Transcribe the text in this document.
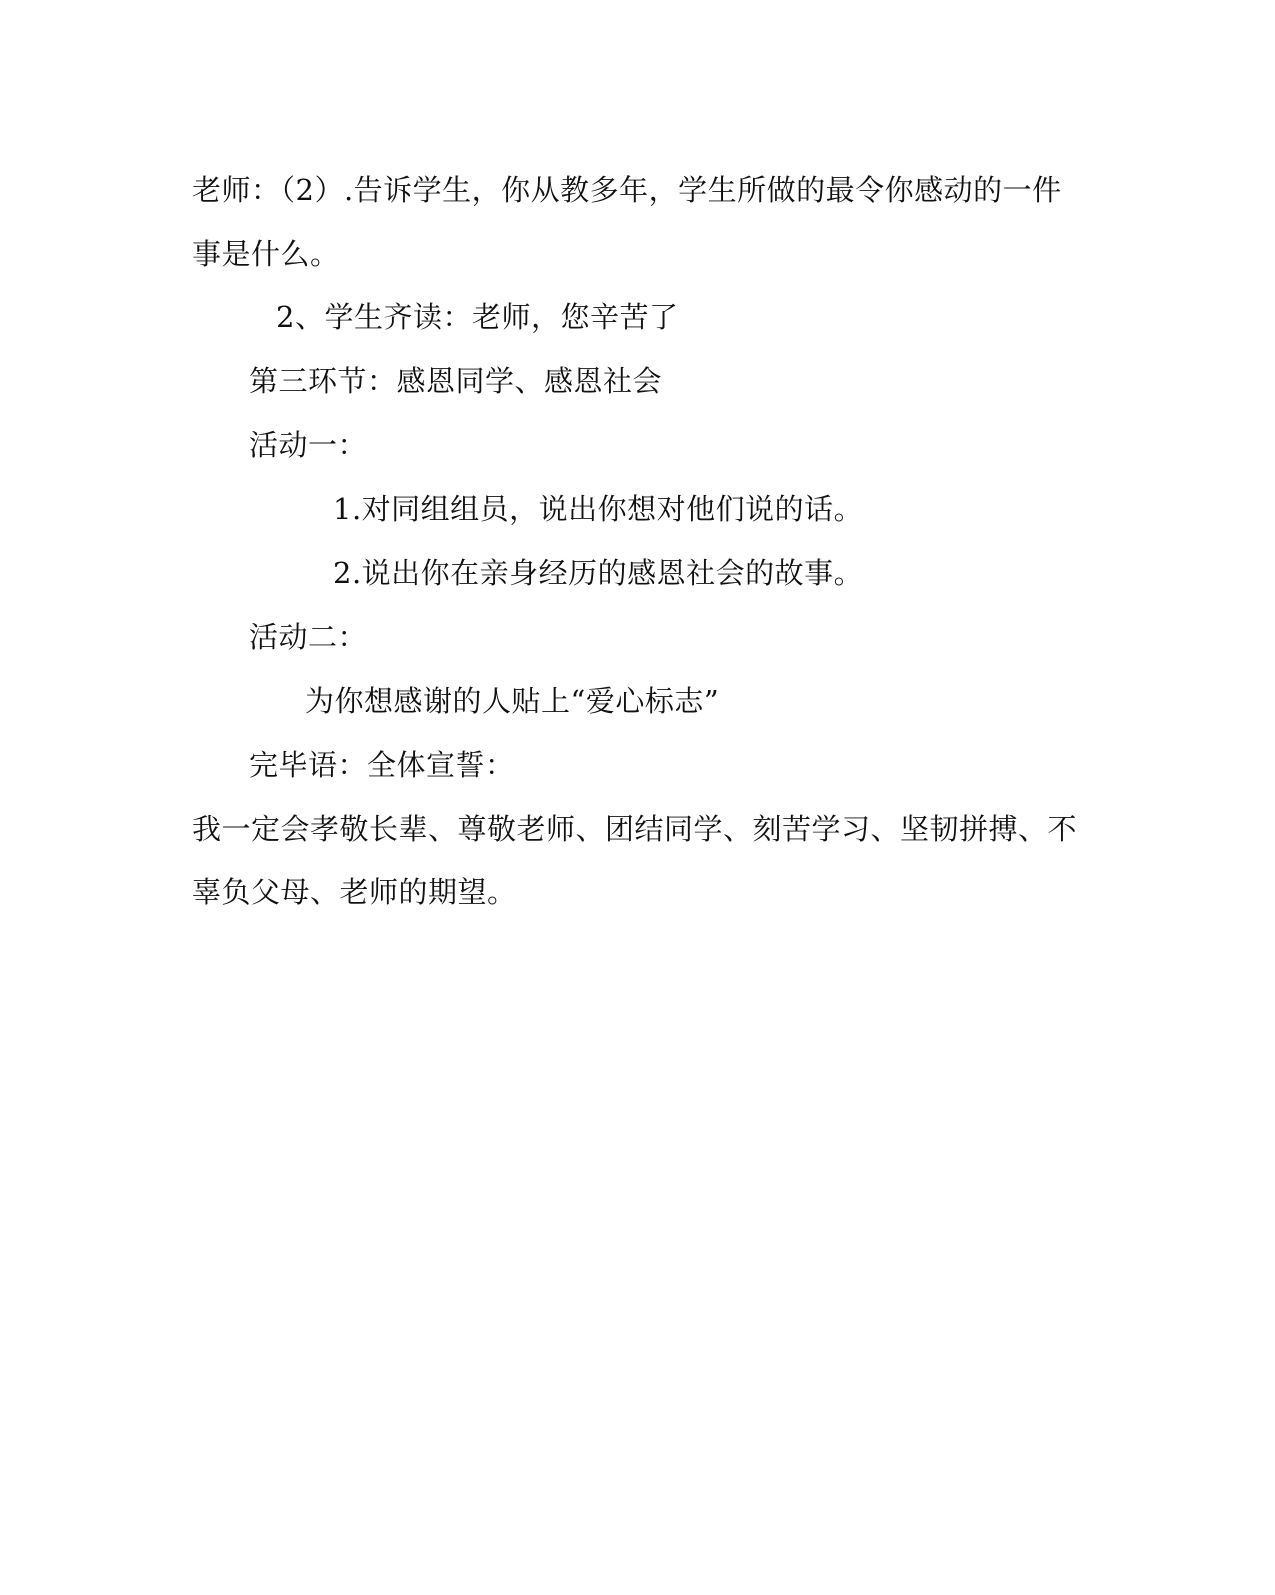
老师：（2）.告诉学生，你从教多年，学生所做的最令你感动的一件
事是什么。
2、学生齐读：老师，您辛苦了
第三环节：感恩同学、感恩社会
活动一：
1.对同组组员，说出你想对他们说的话。
2.说出你在亲身经历的感恩社会的故事。
活动二：
为你想感谢的人贴上“爱心标志”
完毕语：全体宣誓：
我一定会孝敬长辈、尊敬老师、团结同学、刻苦学习、坚韧拼搏、不
辜负父母、老师的期望。
